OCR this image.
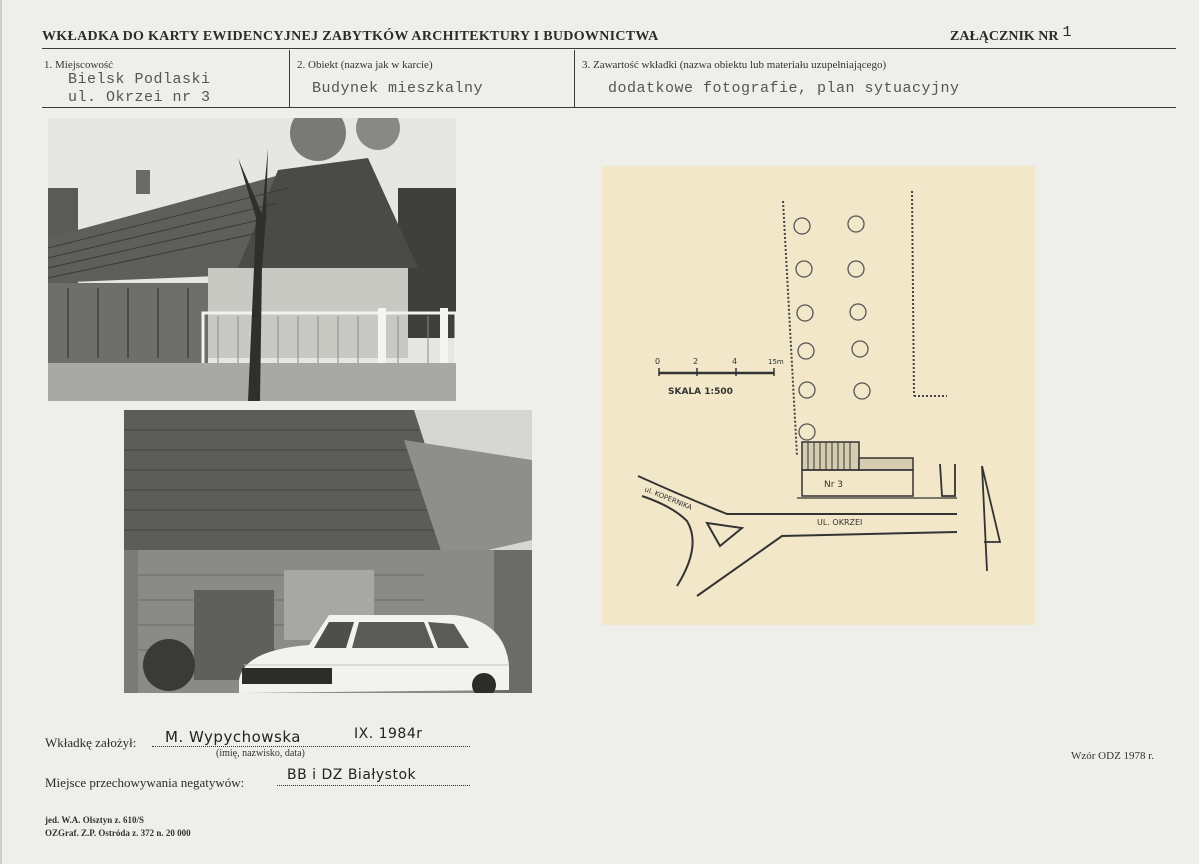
WKŁADKA DO KARTY EWIDENCYJNEJ ZABYTKÓW ARCHITEKTURY I BUDOWNICTWA	ZAŁĄCZNIK NR 1
1. Miejscowość
Bielsk Podlaski
ul. Okrzei nr 3
2. Obiekt (nazwa jak w karcie)
Budynek mieszkalny
3. Zawartość wkładki (nazwa obiektu lub materiału uzupełniającego)
dodatkowe fotografie, plan sytuacyjny
0	2	4	15m
SKALA 1:500
Nr 3
ul. KOPERNIKA
UL. OKRZEI
Wkładkę założył: M. Wypychowska	IX. 1984r
(imię, nazwisko, data)
Miejsce przechowywania negatywów:	BB i DZ Białystok
Wzór ODZ 1978 r.
jed. W.A. Olsztyn z. 610/S
OZGraf. Z.P. Ostróda z. 372 n. 20 000
